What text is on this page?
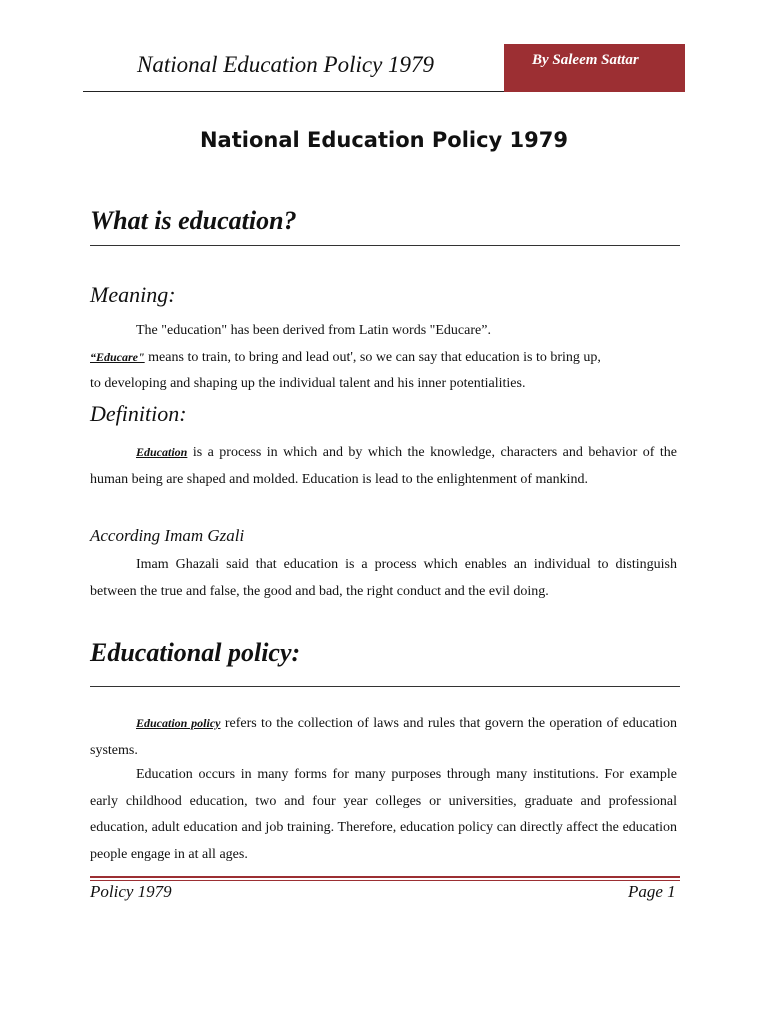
National Education Policy 1979	By Saleem Sattar
National Education Policy 1979
What is education?
Meaning:
The "education" has been derived from Latin words "Educare”.
“Educare" means to train, to bring and lead out', so we can say that education is to bring up,
to developing and shaping up the individual talent and his inner potentialities.
Definition:
Education is a process in which and by which the knowledge, characters and behavior of the human being are shaped and molded. Education is lead to the enlightenment of mankind.
According Imam Gzali
Imam Ghazali said that education is a process which enables an individual to distinguish between the true and false, the good and bad, the right conduct and the evil doing.
Educational policy:
Education policy refers to the collection of laws and rules that govern the operation of education systems.
Education occurs in many forms for many purposes through many institutions. For example early childhood education, two and four year colleges or universities, graduate and professional education, adult education and job training. Therefore, education policy can directly affect the education people engage in at all ages.
Policy 1979	Page 1
